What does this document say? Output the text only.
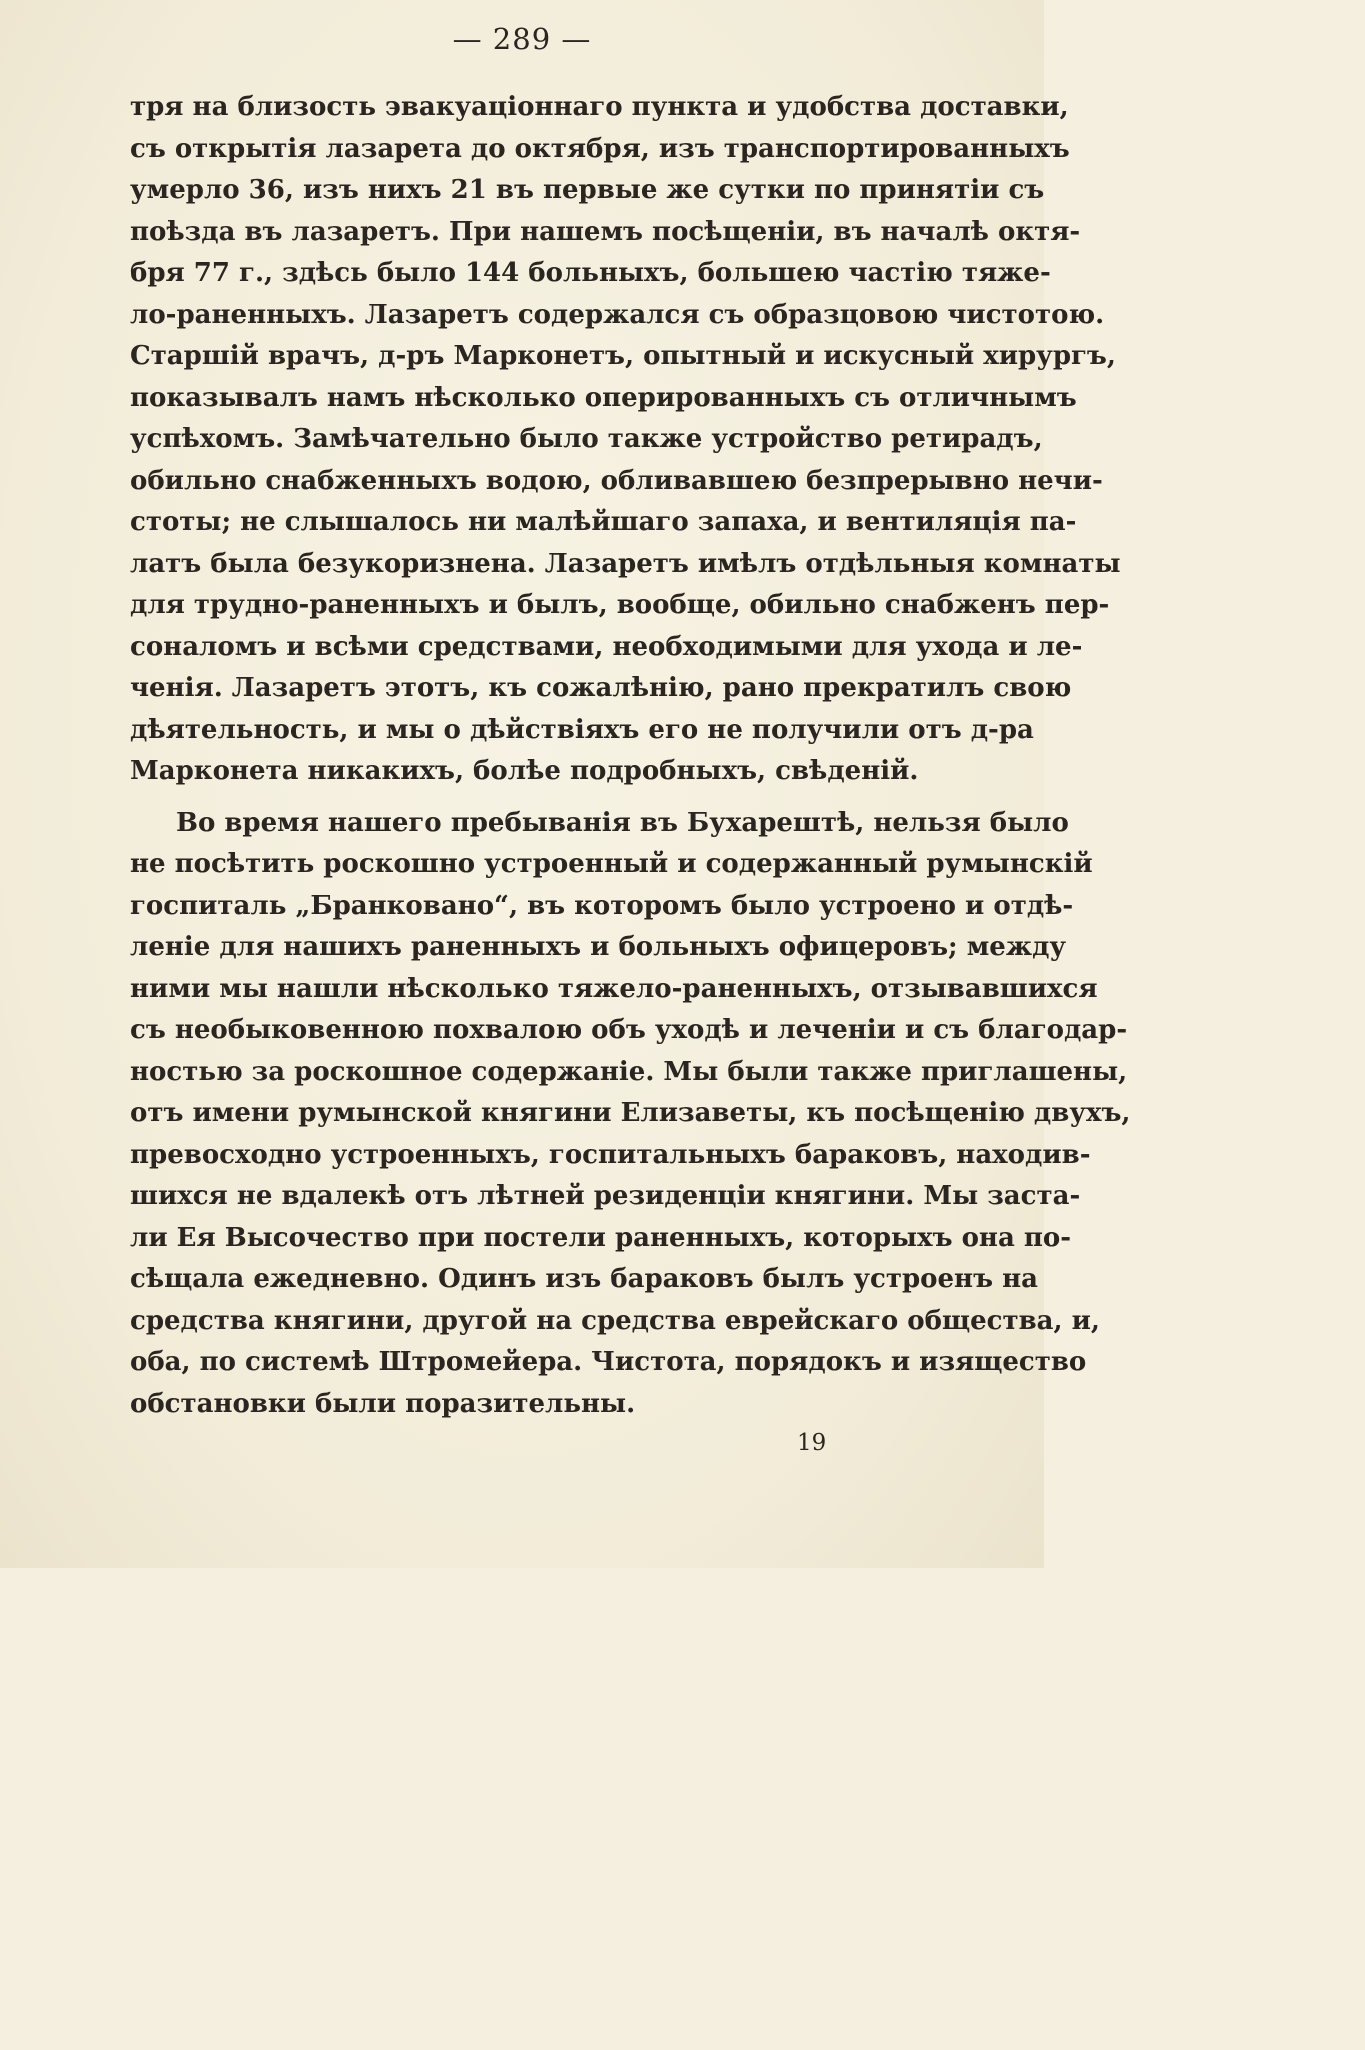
— 289 —
тря на близость эвакуаціоннаго пункта и удобства доставки,
съ открытія лазарета до октября, изъ транспортированныхъ
умерло 36, изъ нихъ 21 въ первые же сутки по принятіи съ
поѣзда въ лазаретъ. При нашемъ посѣщеніи, въ началѣ октя-
бря 77 г., здѣсь было 144 больныхъ, большею частію тяже-
ло-раненныхъ. Лазаретъ содержался съ образцовою чистотою.
Старшій врачъ, д-ръ Марконетъ, опытный и искусный хирургъ,
показывалъ намъ нѣсколько оперированныхъ съ отличнымъ
успѣхомъ. Замѣчательно было также устройство ретирадъ,
обильно снабженныхъ водою, обливавшею безпрерывно нечи-
стоты; не слышалось ни малѣйшаго запаха, и вентиляція па-
латъ была безукоризнена. Лазаретъ имѣлъ отдѣльныя комнаты
для трудно-раненныхъ и былъ, вообще, обильно снабженъ пер-
соналомъ и всѣми средствами, необходимыми для ухода и ле-
ченія. Лазаретъ этотъ, къ сожалѣнію, рано прекратилъ свою
дѣятельность, и мы о дѣйствіяхъ его не получили отъ д-ра
Марконета никакихъ, болѣе подробныхъ, свѣденій.
Во время нашего пребыванія въ Бухарештѣ, нельзя было
не посѣтить роскошно устроенный и содержанный румынскій
госпиталь „Бранковано“, въ которомъ было устроено и отдѣ-
леніе для нашихъ раненныхъ и больныхъ офицеровъ; между
ними мы нашли нѣсколько тяжело-раненныхъ, отзывавшихся
съ необыковенною похвалою объ уходѣ и леченіи и съ благодар-
ностью за роскошное содержаніе. Мы были также приглашены,
отъ имени румынской княгини Елизаветы, къ посѣщенію двухъ,
превосходно устроенныхъ, госпитальныхъ бараковъ, находив-
шихся не вдалекѣ отъ лѣтней резиденціи княгини. Мы заста-
ли Ея Высочество при постели раненныхъ, которыхъ она по-
сѣщала ежедневно. Одинъ изъ бараковъ былъ устроенъ на
средства княгини, другой на средства еврейскаго общества, и,
оба, по системѣ Штромейера. Чистота, порядокъ и изящество
обстановки были поразительны.
19
